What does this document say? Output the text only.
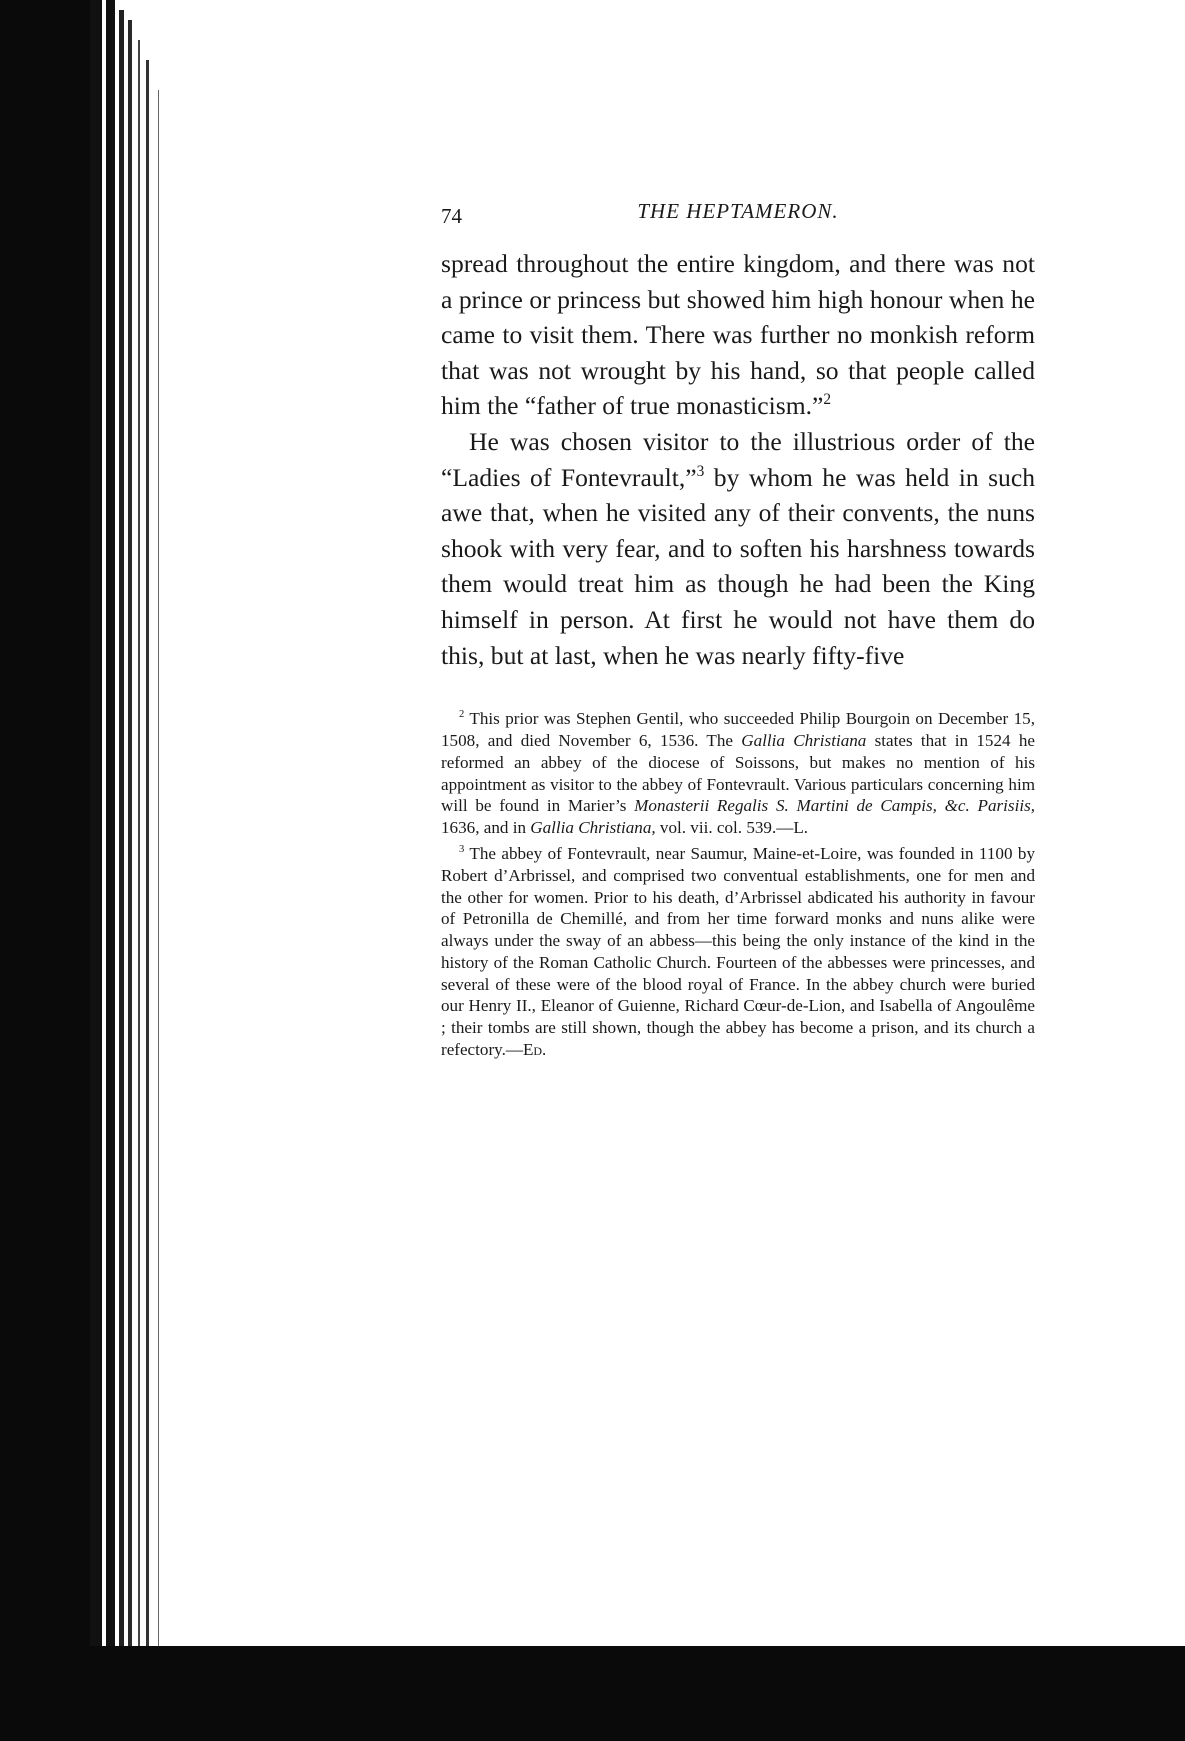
74	THE HEPTAMERON.

spread throughout the entire kingdom, and there was not a prince or princess but showed him high honour when he came to visit them. There was further no monkish reform that was not wrought by his hand, so that people called him the “father of true monasticism.”$^2$

He was chosen visitor to the illustrious order of the “Ladies of Fontevrault,”$^3$ by whom he was held in such awe that, when he visited any of their convents, the nuns shook with very fear, and to soften his harshness towards them would treat him as though he had been the King himself in person. At first he would not have them do this, but at last, when he was nearly fifty-five

$^2$ This prior was Stephen Gentil, who succeeded Philip Bourgoin on December 15, 1508, and died November 6, 1536. The Gallia Christiana states that in 1524 he reformed an abbey of the diocese of Soissons, but makes no mention of his appointment as visitor to the abbey of Fontevrault. Various particulars concerning him will be found in Marier’s Monasterii Regalis S. Martini de Campis, &c. Parisiis, 1636, and in Gallia Christiana, vol. vii. col. 539.—L.

$^3$ The abbey of Fontevrault, near Saumur, Maine-et-Loire, was founded in 1100 by Robert d’Arbrissel, and comprised two conventual establishments, one for men and the other for women. Prior to his death, d’Arbrissel abdicated his authority in favour of Petronilla de Chemillé, and from her time forward monks and nuns alike were always under the sway of an abbess—this being the only instance of the kind in the history of the Roman Catholic Church. Fourteen of the abbesses were princesses, and several of these were of the blood royal of France. In the abbey church were buried our Henry II., Eleanor of Guienne, Richard Cœur-de-Lion, and Isabella of Angoulême ; their tombs are still shown, though the abbey has become a prison, and its church a refectory.—Ed.
